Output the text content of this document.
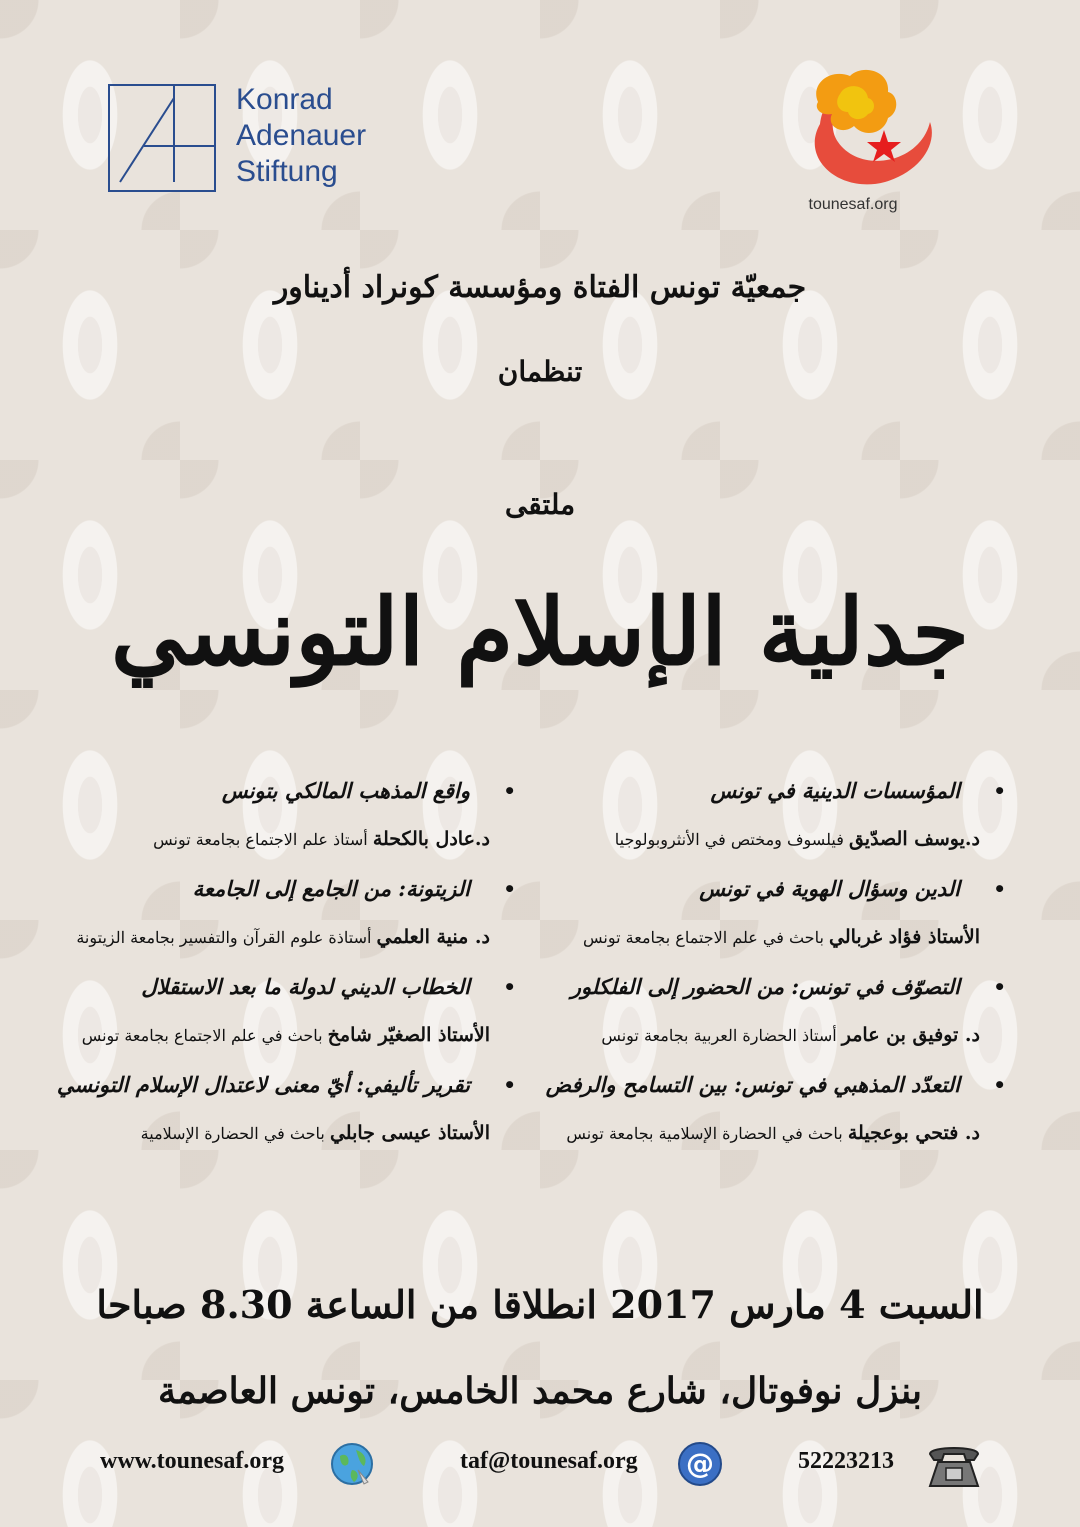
Konrad
Adenauer
Stiftung
tounesaf.org
جمعيّة تونس الفتاة ومؤسسة كونراد أديناور
تنظمان
ملتقى
جدلية الإسلام التونسي
•
المؤسسات الدينية في تونس
د.يوسف الصدّيق فيلسوف ومختص في الأنثروبولوجيا
•
الدين وسؤال الهوية في تونس
الأستاذ فؤاد غربالي باحث في علم الاجتماع بجامعة تونس
•
التصوّف في تونس: من الحضور إلى الفلكلور
د. توفيق بن عامر أستاذ الحضارة العربية بجامعة تونس
•
التعدّد المذهبي في تونس: بين التسامح والرفض
د. فتحي بوعجيلة باحث في الحضارة الإسلامية بجامعة تونس
•
واقع المذهب المالكي بتونس
د.عادل بالكحلة أستاذ علم الاجتماع بجامعة تونس
•
الزيتونة: من الجامع إلى الجامعة
د. منية العلمي أستاذة علوم القرآن والتفسير بجامعة الزيتونة
•
الخطاب الديني لدولة ما بعد الاستقلال
الأستاذ الصغيّر شامخ باحث في علم الاجتماع بجامعة تونس
•
تقرير تأليفي: أيّ معنى لاعتدال الإسلام التونسي
الأستاذ عيسى جابلي باحث في الحضارة الإسلامية
السبت 4 مارس 2017 انطلاقا من الساعة 8.30 صباحا
بنزل نوفوتال، شارع محمد الخامس، تونس العاصمة
www.tounesaf.org	taf@tounesaf.org @	52223213
